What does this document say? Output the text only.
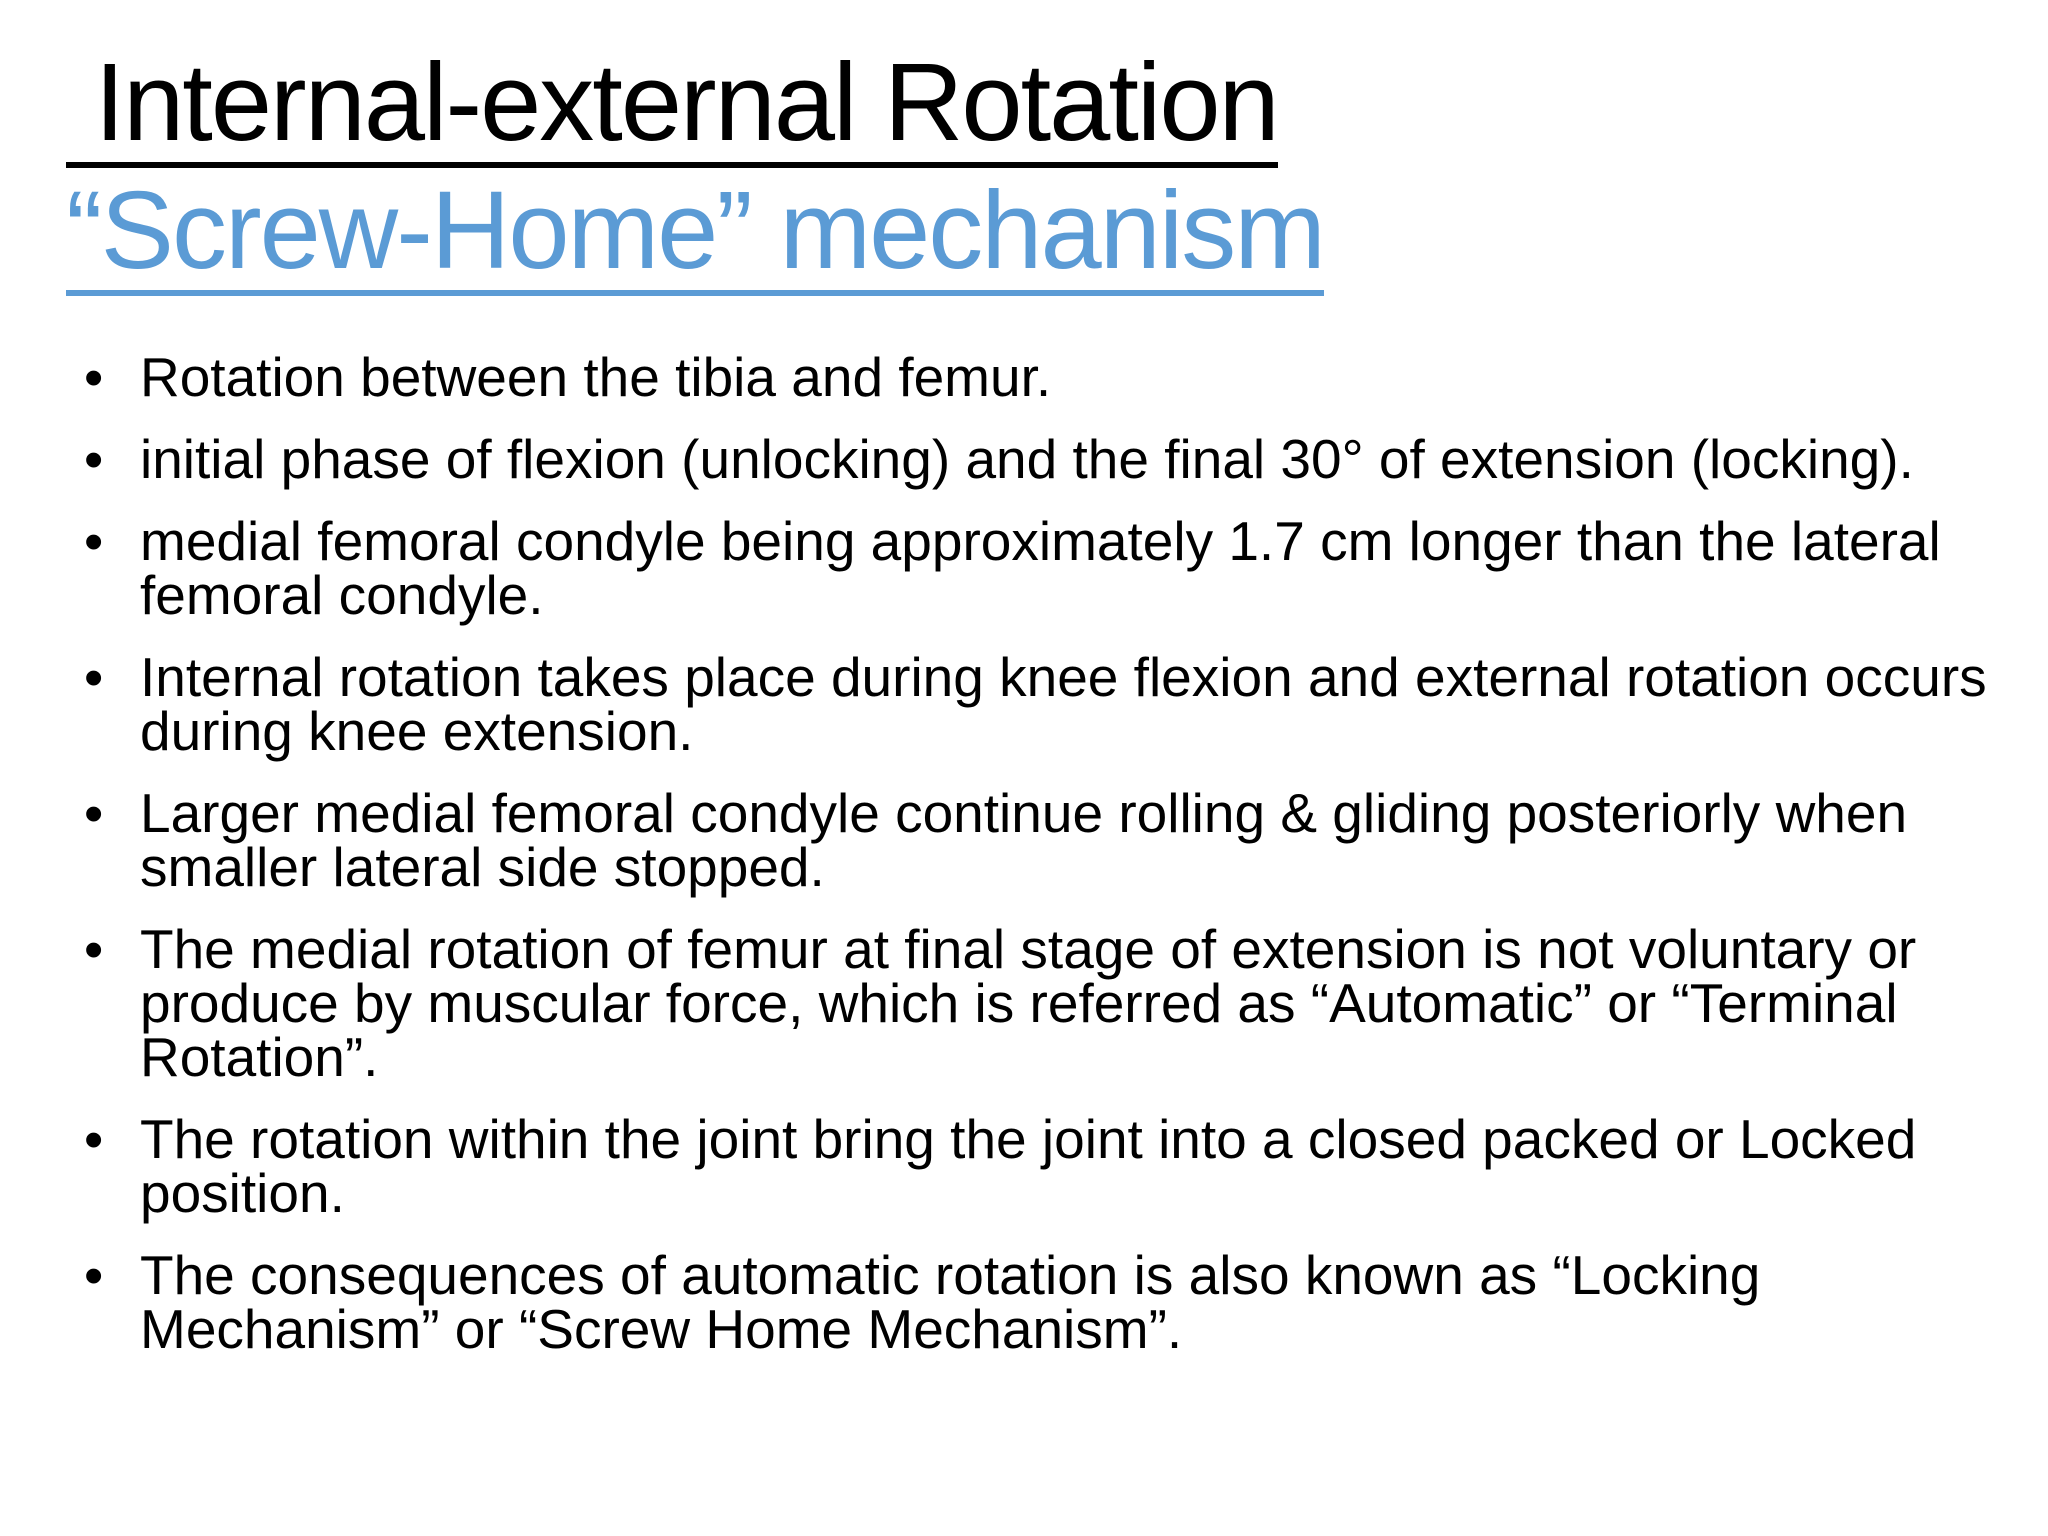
Internal-external Rotation
“Screw-Home” mechanism
• Rotation between the tibia and femur.
• initial phase of flexion (unlocking) and the final 30° of extension (locking).
• medial femoral condyle being approximately 1.7 cm longer than the lateral femoral condyle.
• Internal rotation takes place during knee flexion and external rotation occurs during knee extension.
• Larger medial femoral condyle continue rolling & gliding posteriorly when smaller lateral side stopped.
• The medial rotation of femur at final stage of extension is not voluntary or produce by muscular force, which is referred as “Automatic” or “Terminal Rotation”.
• The rotation within the joint bring the joint into a closed packed or Locked position.
• The consequences of automatic rotation is also known as “Locking Mechanism” or “Screw Home Mechanism”.
